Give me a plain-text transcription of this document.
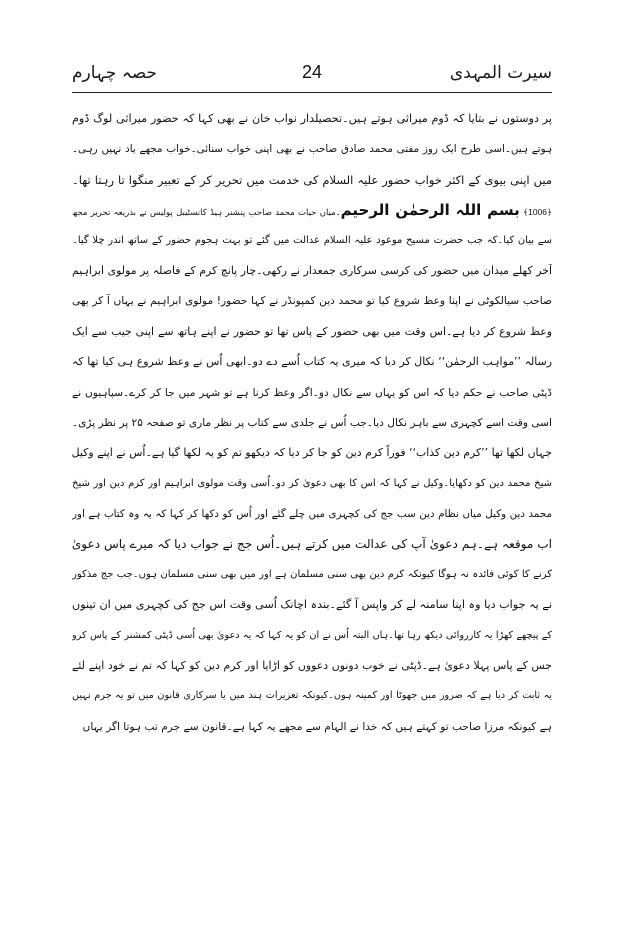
حصہ چہارم	24	سیرت المہدی
پر دوستوں نے بتایا کہ ڈوم میراثی ہوتے ہیں۔تحصیلدار نواب خان نے بھی کہا کہ حضور میراثی لوگ ڈوم
ہوتے ہیں۔اسی طرح ایک روز مفتی محمد صادق صاحب نے بھی اپنی خواب سنائی۔خواب مجھے یاد نہیں رہی۔
میں اپنی بیوی کے اکثر خواب حضور علیہ السلام کی خدمت میں تحریر کر کے تعبیر منگوا تا رہتا تھا۔
﴿1006﴾ بسم اللہ الرحمٰن الرحیم۔میاں حیات محمد صاحب پنشنر ہیڈ کانسٹیبل پولیس نے بذریعہ تحریر مجھ
سے بیان کیا۔کہ جب حضرت مسیح موعود علیہ السلام عدالت میں گئے تو بہت ہجوم حضور کے ساتھ اندر چلا گیا۔
آخر کھلے میدان میں حضور کی کرسی سرکاری جمعدار نے رکھی۔چار پانچ کرم کے فاصلہ پر مولوی ابراہیم
صاحب سیالکوٹی نے اپنا وعظ شروع کیا تو محمد دین کمپونڈر نے کہا حضور! مولوی ابراہیم نے یہاں آ کر بھی
وعظ شروع کر دیا ہے۔اس وقت میں بھی حضور کے پاس تھا تو حضور نے اپنے ہاتھ سے اپنی جیب سے ایک
رسالہ ’’مواہب الرحمٰن‘‘ نکال کر دیا کہ میری یہ کتاب اُسے دے دو۔ابھی اُس نے وعظ شروع ہی کیا تھا کہ
ڈپٹی صاحب نے حکم دیا کہ اس کو یہاں سے نکال دو۔اگر وعظ کرنا ہے تو شہر میں جا کر کرے۔سپاہیوں نے
اسی وقت اسے کچہری سے باہر نکال دیا۔جب اُس نے جلدی سے کتاب پر نظر ماری تو صفحہ ۲۵ پر نظر پڑی۔
جہاں لکھا تھا ’’کرم دین کذاب‘‘ فوراً کرم دین کو جا کر دیا کہ دیکھو تم کو یہ لکھا گیا ہے۔اُس نے اپنے وکیل
شیخ محمد دین کو دکھایا۔وکیل نے کہا کہ اس کا بھی دعویٰ کر دو۔اُسی وقت مولوی ابراہیم اور کرم دین اور شیخ
محمد دین وکیل میاں نظام دین سب جج کی کچہری میں چلے گئے اور اُس کو دکھا کر کہا کہ یہ وہ کتاب ہے اور
اب موقعہ ہے۔ہم دعویٰ آپ کی عدالت میں کرتے ہیں۔اُس جج نے جواب دیا کہ میرے پاس دعویٰ
کرنے کا کوئی فائدہ نہ ہوگا کیونکہ کرم دین بھی سنی مسلمان ہے اور میں بھی سنی مسلمان ہوں۔جب جج مذکور
نے یہ جواب دیا وہ اپنا سامنہ لے کر واپس آ گئے۔بندہ اچانک اُسی وقت اس جج کی کچہری میں ان تینوں
کے پیچھے کھڑا یہ کارروائی دیکھ رہا تھا۔ہاں البتہ اُس نے ان کو یہ کہا کہ یہ دعویٰ بھی اُسی ڈپٹی کمشنر کے پاس کرو
جس کے پاس پہلا دعویٰ ہے۔ڈپٹی نے خوب دونوں دعووں کو اڑایا اور کرم دین کو کہا کہ تم نے خود اپنے لئے
یہ ثابت کر دیا ہے کہ ضرور میں جھوٹا اور کمینہ ہوں۔کیونکہ تعزیرات ہند میں یا سرکاری قانون میں تو یہ جرم نہیں
ہے کیونکہ مرزا صاحب تو کہتے ہیں کہ خدا نے الہام سے مجھے یہ کہا ہے۔قانون سے جرم تب ہوتا اگر یہاں
